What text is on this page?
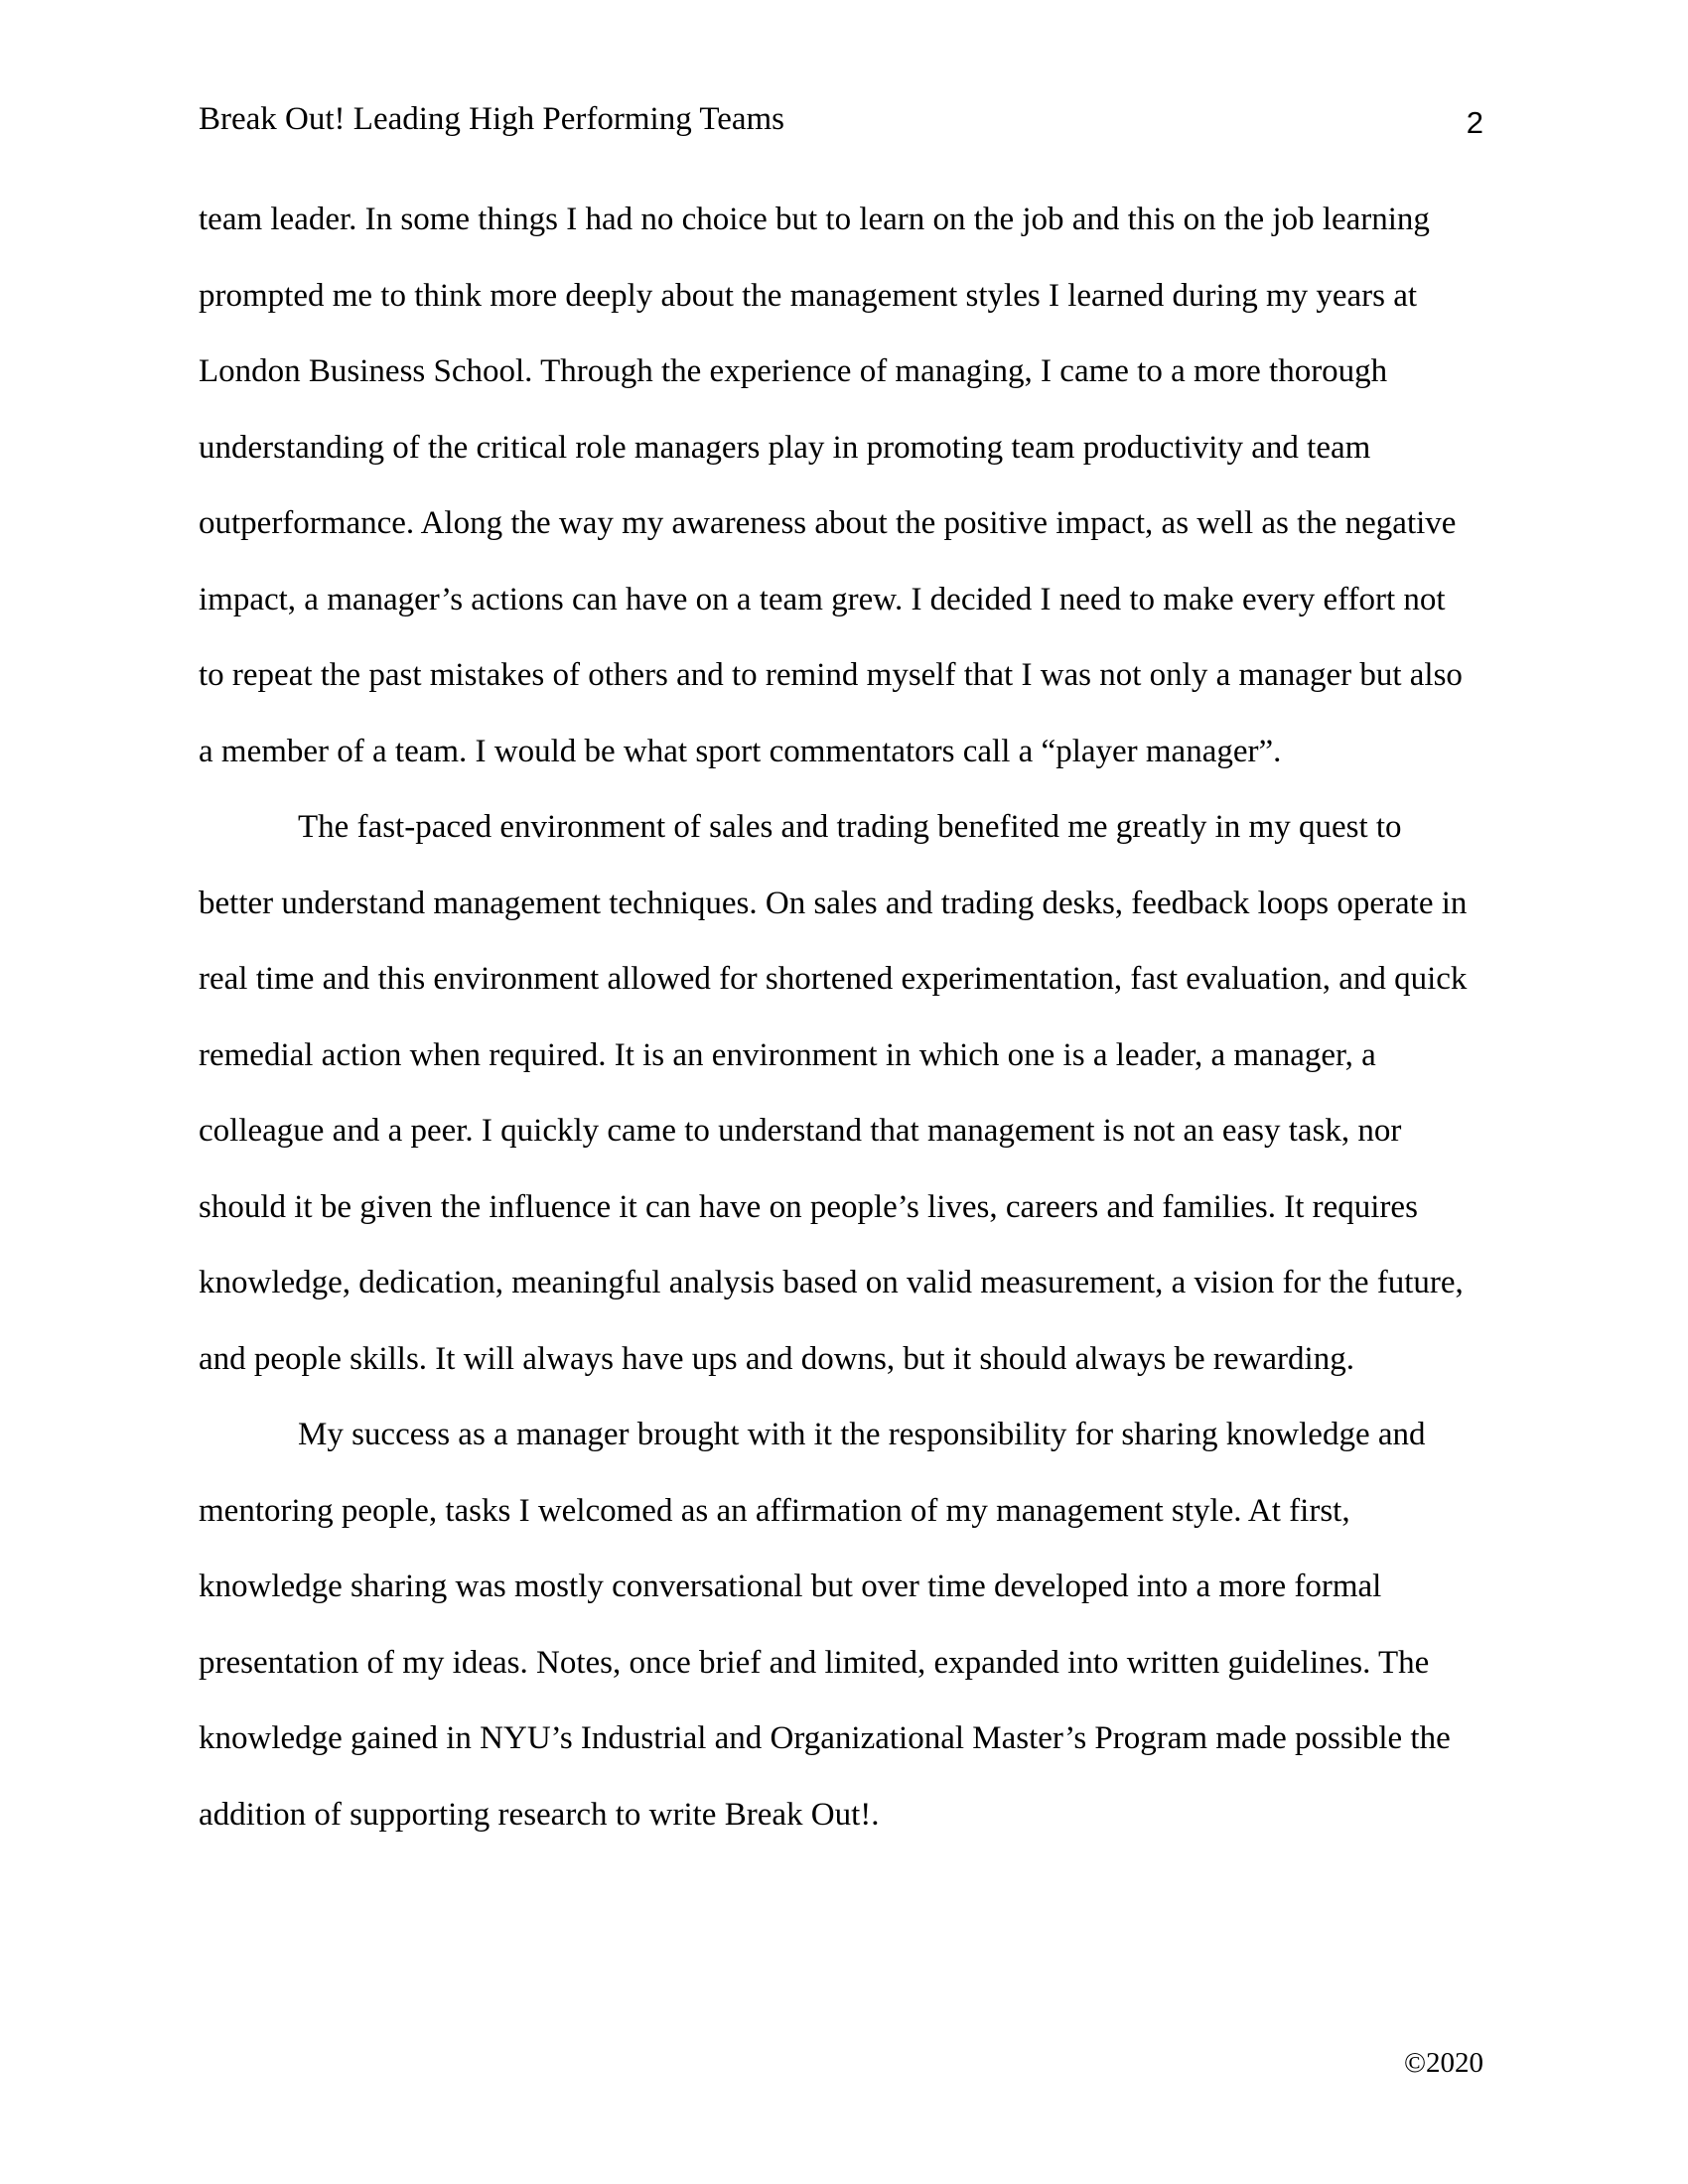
Break Out! Leading High Performing Teams	2
team leader. In some things I had no choice but to learn on the job and this on the job learning
prompted me to think more deeply about the management styles I learned during my years at
London Business School. Through the experience of managing, I came to a more thorough
understanding of the critical role managers play in promoting team productivity and team
outperformance. Along the way my awareness about the positive impact, as well as the negative
impact, a manager’s actions can have on a team grew. I decided I need to make every effort not
to repeat the past mistakes of others and to remind myself that I was not only a manager but also
a member of a team. I would be what sport commentators call a “player manager”.
The fast-paced environment of sales and trading benefited me greatly in my quest to
better understand management techniques. On sales and trading desks, feedback loops operate in
real time and this environment allowed for shortened experimentation, fast evaluation, and quick
remedial action when required. It is an environment in which one is a leader, a manager, a
colleague and a peer. I quickly came to understand that management is not an easy task, nor
should it be given the influence it can have on people’s lives, careers and families. It requires
knowledge, dedication, meaningful analysis based on valid measurement, a vision for the future,
and people skills. It will always have ups and downs, but it should always be rewarding.
My success as a manager brought with it the responsibility for sharing knowledge and
mentoring people, tasks I welcomed as an affirmation of my management style. At first,
knowledge sharing was mostly conversational but over time developed into a more formal
presentation of my ideas. Notes, once brief and limited, expanded into written guidelines. The
knowledge gained in NYU’s Industrial and Organizational Master’s Program made possible the
addition of supporting research to write Break Out!.
©2020
